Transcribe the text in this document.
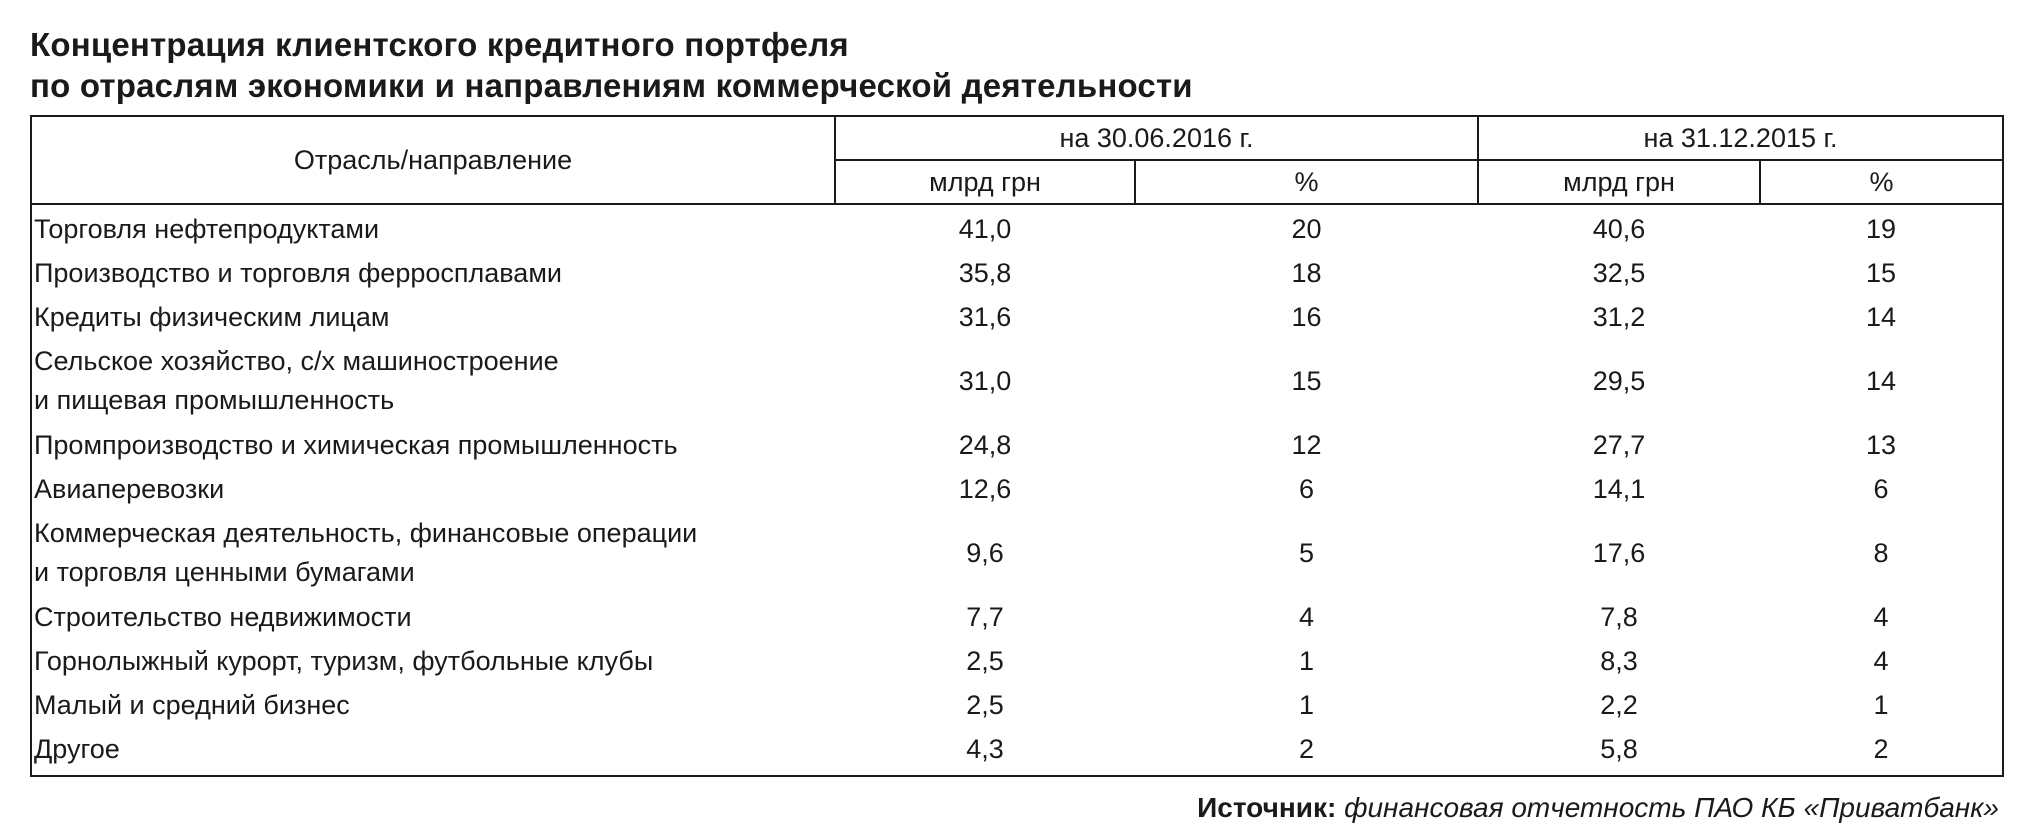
Концентрация клиентского кредитного портфеля
по отраслям экономики и направлениям коммерческой деятельности
Отрасль/направление	на 30.06.2016 г.		на 31.12.2015 г.	
	млрд грн	%	млрд грн	%
Торговля нефтепродуктами	41,0	20	40,6	19
Производство и торговля ферросплавами	35,8	18	32,5	15
Кредиты физическим лицам	31,6	16	31,2	14
Сельское хозяйство, с/х машиностроение
и пищевая промышленность	31,0	15	29,5	14
Промпроизводство и химическая промышленность	24,8	12	27,7	13
Авиаперевозки	12,6	6	14,1	6
Коммерческая деятельность, финансовые операции
и торговля ценными бумагами	9,6	5	17,6	8
Строительство недвижимости	7,7	4	7,8	4
Горнолыжный курорт, туризм, футбольные клубы	2,5	1	8,3	4
Малый и средний бизнес	2,5	1	2,2	1
Другое	4,3	2	5,8	2
Источник: финансовая отчетность ПАО КБ «Приватбанк»
